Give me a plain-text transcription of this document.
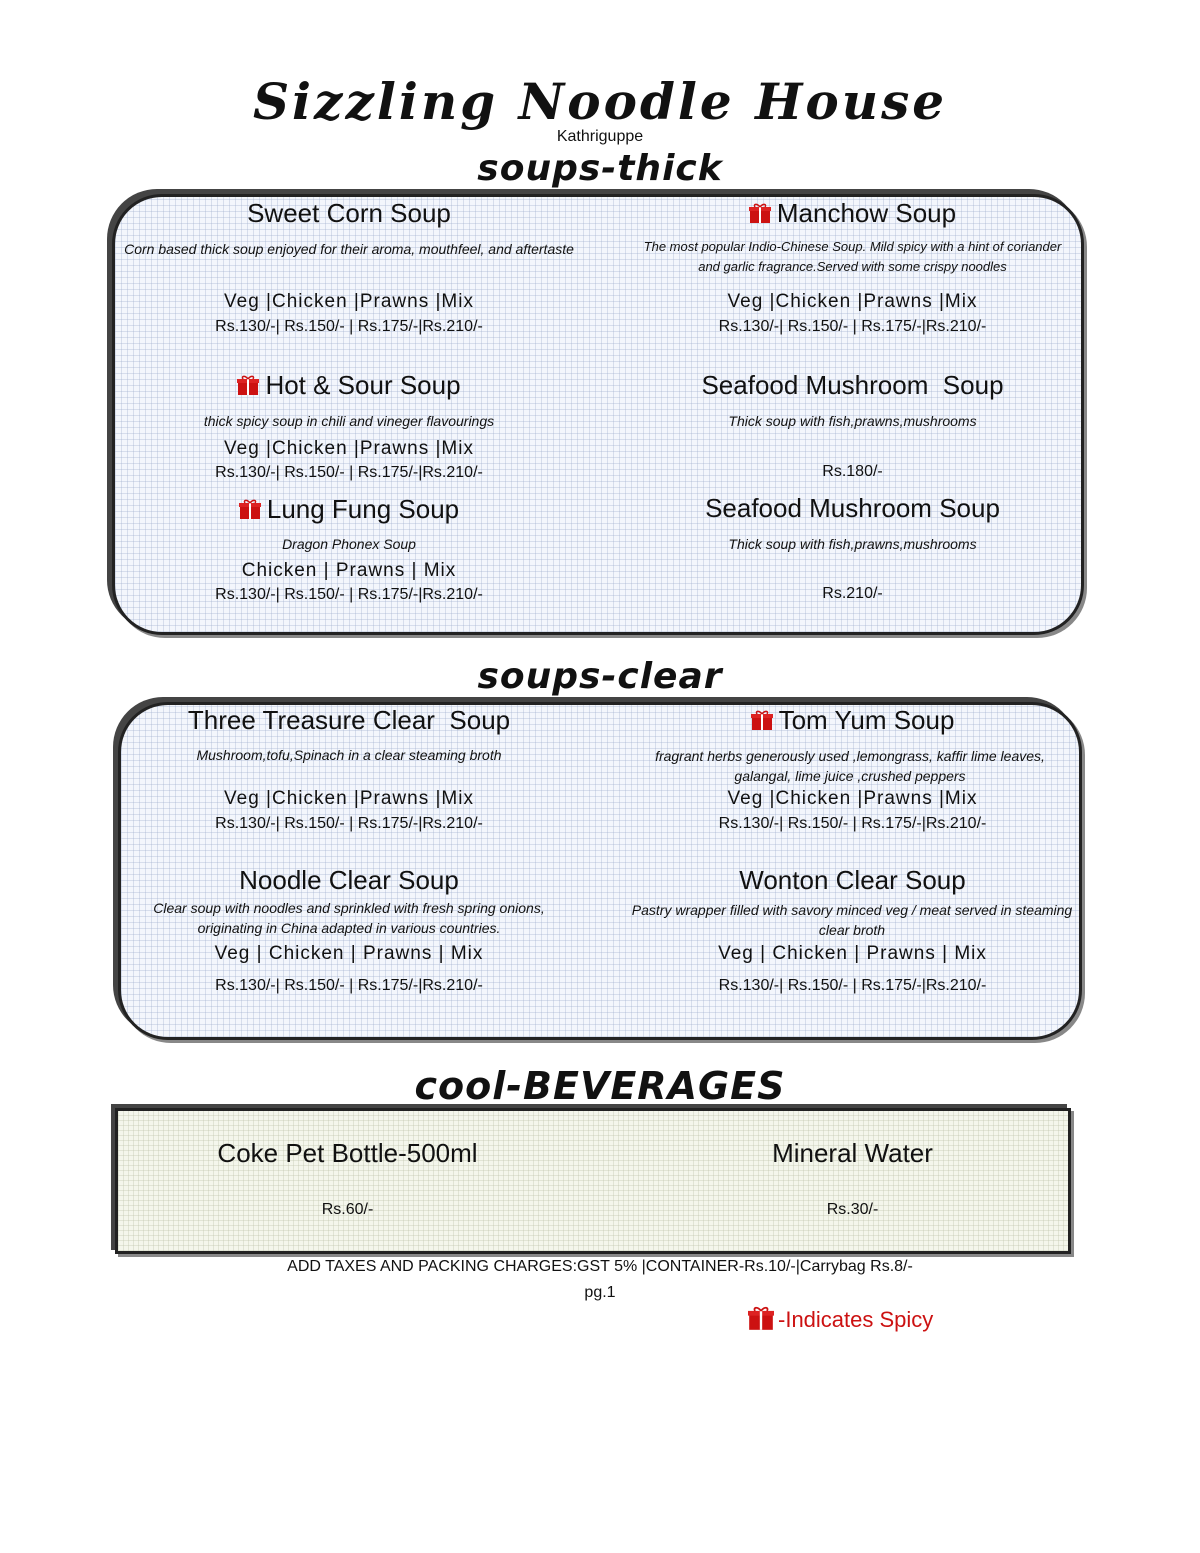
Sizzling Noodle House
Kathriguppe
soups-thick
Sweet Corn Soup
Corn based thick soup enjoyed for their aroma, mouthfeel, and aftertaste
Veg |Chicken |Prawns |Mix
Rs.130/-| Rs.150/- | Rs.175/-|Rs.210/-
Manchow Soup
The most popular Indio-Chinese Soup. Mild spicy with a hint of coriander and garlic fragrance.Served with some crispy noodles
Veg |Chicken |Prawns |Mix
Rs.130/-| Rs.150/- | Rs.175/-|Rs.210/-
Hot & Sour Soup
thick spicy soup in chili and vineger flavourings
Veg |Chicken |Prawns |Mix
Rs.130/-| Rs.150/- | Rs.175/-|Rs.210/-
Seafood Mushroom  Soup
Thick soup with fish,prawns,mushrooms
Rs.180/-
Lung Fung Soup
Dragon Phonex Soup
Chicken | Prawns | Mix
Rs.130/-| Rs.150/- | Rs.175/-|Rs.210/-
Seafood Mushroom Soup
Thick soup with fish,prawns,mushrooms
Rs.210/-
soups-clear
Three Treasure Clear  Soup
Mushroom,tofu,Spinach in a clear steaming broth
Veg |Chicken |Prawns |Mix
Rs.130/-| Rs.150/- | Rs.175/-|Rs.210/-
Tom Yum Soup
fragrant herbs generously used ,lemongrass, kaffir lime leaves, galangal, lime juice ,crushed peppers
Veg |Chicken |Prawns |Mix
Rs.130/-| Rs.150/- | Rs.175/-|Rs.210/-
Noodle Clear Soup
Clear soup with noodles and sprinkled with fresh spring onions, originating in China adapted in various countries.
Veg | Chicken | Prawns | Mix
Rs.130/-| Rs.150/- | Rs.175/-|Rs.210/-
Wonton Clear Soup
Pastry wrapper filled with savory minced veg / meat served in steaming clear broth
Veg | Chicken | Prawns | Mix
Rs.130/-| Rs.150/- | Rs.175/-|Rs.210/-
cool-BEVERAGES
Coke Pet Bottle-500ml
Rs.60/-
Mineral Water
Rs.30/-
ADD TAXES AND PACKING CHARGES:GST 5% |CONTAINER-Rs.10/-|Carrybag Rs.8/-
pg.1
-Indicates Spicy
